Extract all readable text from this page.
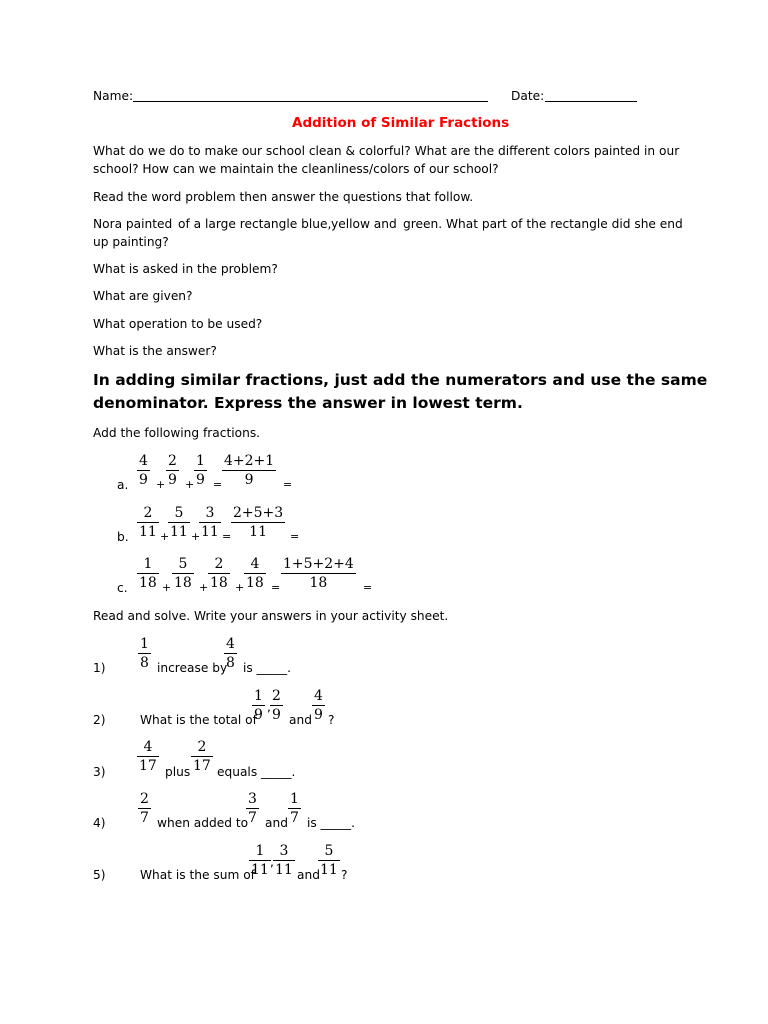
Name:	Date:
Addition of Similar Fractions
What do we do to make our school clean & colorful? What are the different colors painted in our
school? How can we maintain the cleanliness/colors of our school?
Read the word problem then answer the questions that follow.
Nora painted of a large rectangle blue, yellow and green. What part of the rectangle did she end
up painting?
What is asked in the problem?
What are given?
What operation to be used?
What is the answer?
In adding similar fractions, just add the numerators and use the same
denominator. Express the answer in lowest term.
Add the following fractions.
a.
4
9 +
2
9 +
1
9 =
4+2+1
9	=
b.
2
11 +
5
11 +
3
11 =
2+5+3
11 =
c.
1
18 +
5
18 +
2
18 +
4
18 =
1+5+2+4
18	=
Read and solve. Write your answers in your activity sheet.
1)
1
8 increase by
4
8 is _____.
2)	What is the total of
1
9 ,
2
9 and
4
9 ?
3)
4
17 plus
2
17 equals _____.
4)
2
7 when added to
3
7 and
1
7 is _____.
5)	What is the sum of
1
11 ,
3
11 and
5
11 ?
